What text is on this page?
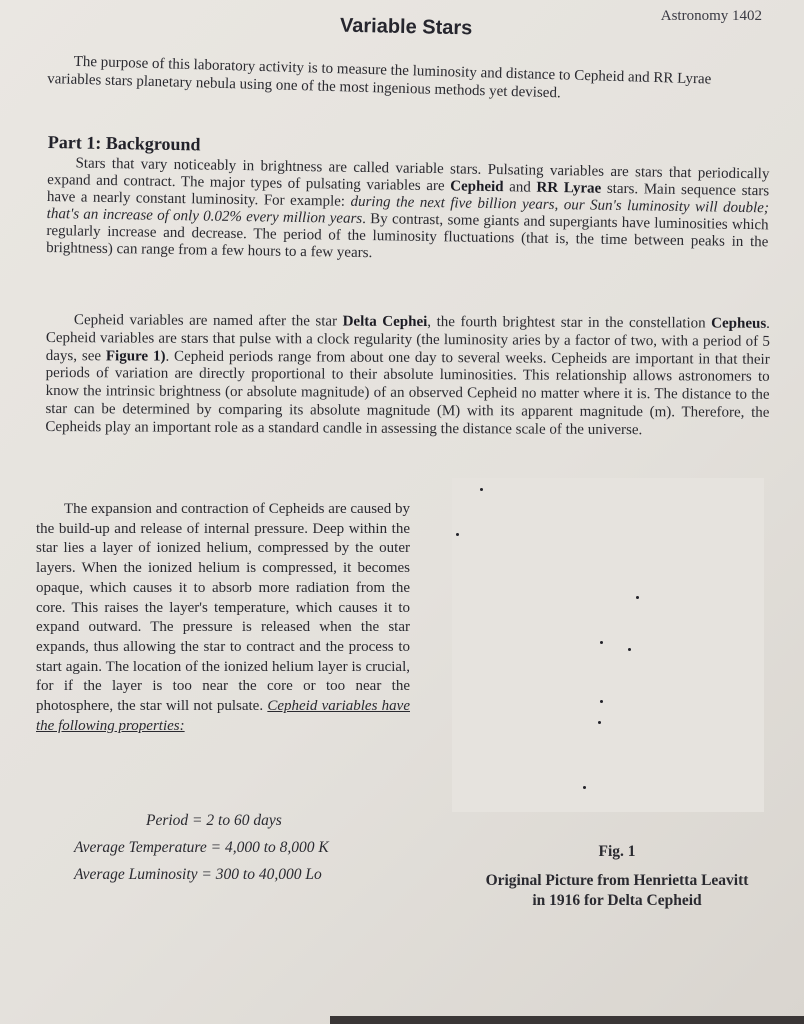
Astronomy 1402
Variable Stars

The purpose of this laboratory activity is to measure the luminosity and distance to Cepheid and RR Lyrae variables stars planetary nebula using one of the most ingenious methods yet devised.

Part 1: Background

Stars that vary noticeably in brightness are called variable stars. Pulsating variables are stars that periodically expand and contract. The major types of pulsating variables are Cepheid and RR Lyrae stars. Main sequence stars have a nearly constant luminosity. For example: during the next five billion years, our Sun's luminosity will double; that's an increase of only 0.02% every million years. By contrast, some giants and supergiants have luminosities which regularly increase and decrease. The period of the luminosity fluctuations (that is, the time between peaks in the brightness) can range from a few hours to a few years.

Cepheid variables are named after the star Delta Cephei, the fourth brightest star in the constellation Cepheus. Cepheid variables are stars that pulse with a clock regularity (the luminosity aries by a factor of two, with a period of 5 days, see Figure 1). Cepheid periods range from about one day to several weeks. Cepheids are important in that their periods of variation are directly proportional to their absolute luminosities. This relationship allows astronomers to know the intrinsic brightness (or absolute magnitude) of an observed Cepheid no matter where it is. The distance to the star can be determined by comparing its absolute magnitude (M) with its apparent magnitude (m). Therefore, the Cepheids play an important role as a standard candle in assessing the distance scale of the universe.

The expansion and contraction of Cepheids are caused by the build-up and release of internal pressure. Deep within the star lies a layer of ionized helium, compressed by the outer layers. When the ionized helium is compressed, it becomes opaque, which causes it to absorb more radiation from the core. This raises the layer's temperature, which causes it to expand outward. The pressure is released when the star expands, thus allowing the star to contract and the process to start again. The location of the ionized helium layer is crucial, for if the layer is too near the core or too near the photosphere, the star will not pulsate. Cepheid variables have the following properties:

Period = 2 to 60 days
Average Temperature = 4,000 to 8,000 K
Average Luminosity = 300 to 40,000 Lo
Fig. 1
Original Picture from Henrietta Leavitt
in 1916 for Delta Cepheid
